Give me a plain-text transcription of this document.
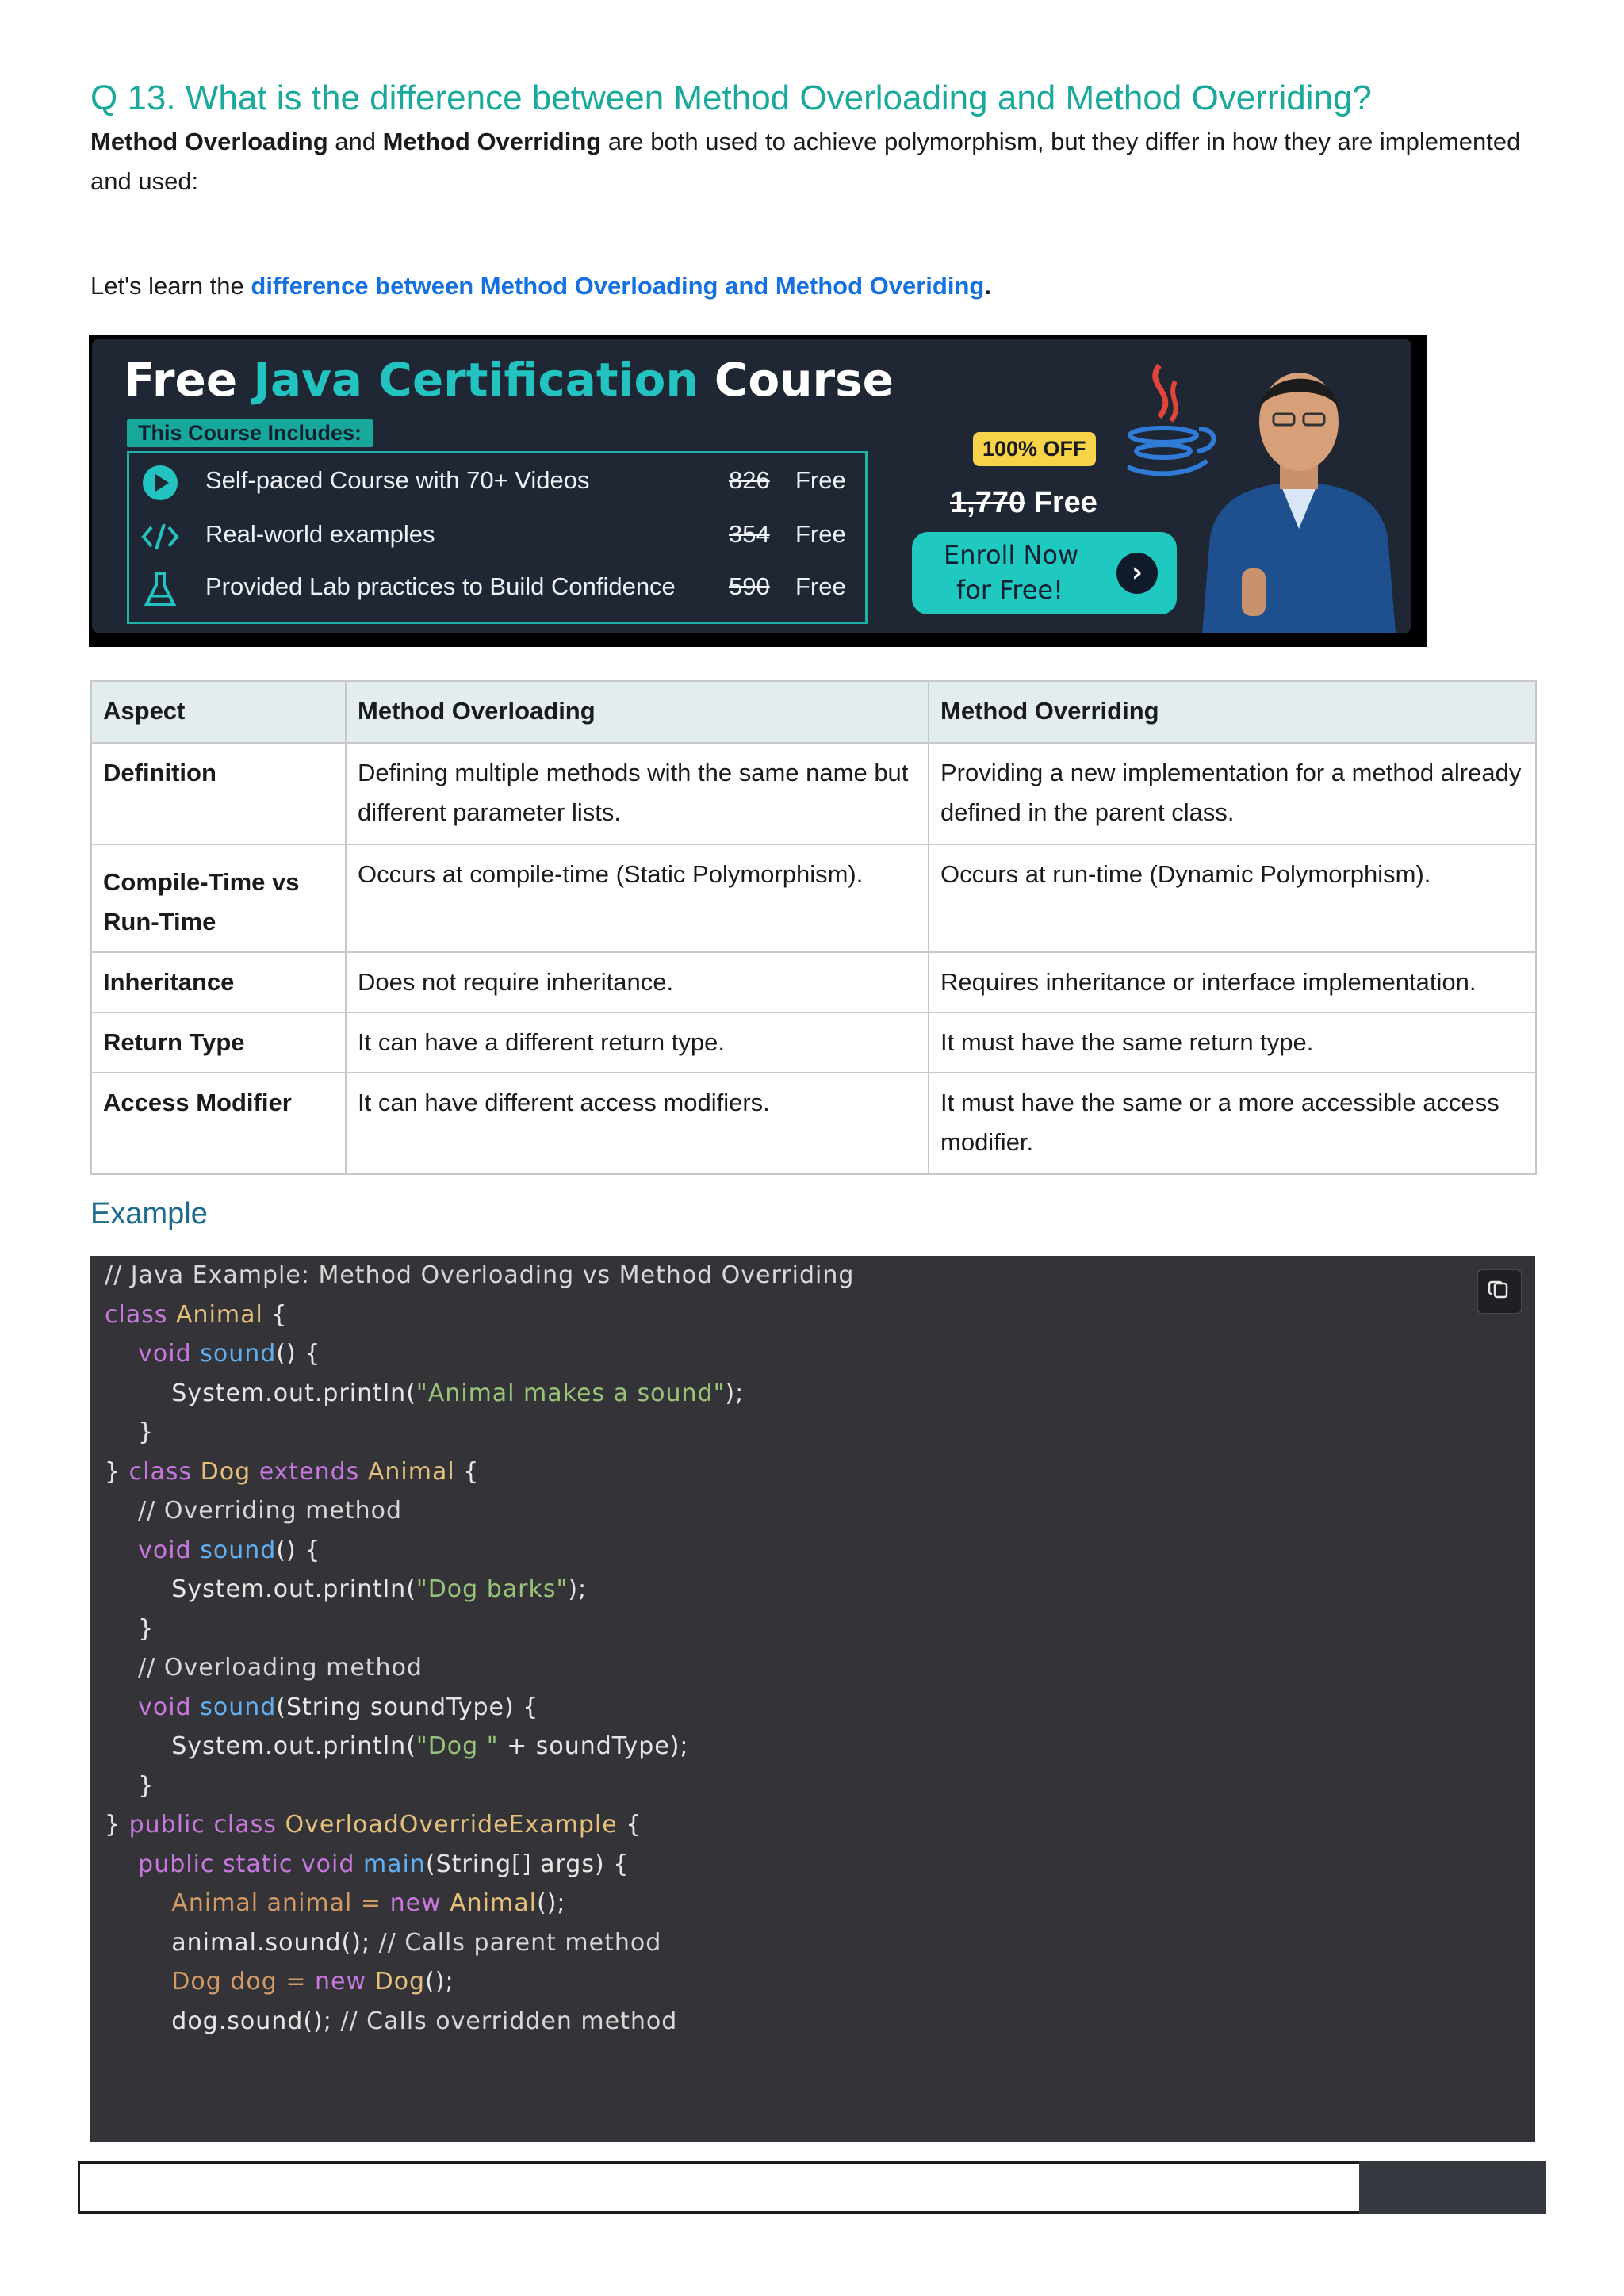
Q 13. What is the difference between Method Overloading and Method Overriding?

Method Overloading and Method Overriding are both used to achieve polymorphism, but they differ in how they are implemented and used:

Let's learn the difference between Method Overloading and Method Overiding.

Free Java Certification Course
This Course Includes:
Self-paced Course with 70+ Videos	826 Free
Real-world examples	354 Free
Provided Lab practices to Build Confidence 590 Free
100% OFF
1,770 Free
Enroll Now
for Free!
›
Aspect	Method Overloading	Method Overriding
Definition	Defining multiple methods with the same name but different parameter lists.	Providing a new implementation for a method already defined in the parent class.
Compile-Time vs Run-Time	Occurs at compile-time (Static Polymorphism).	Occurs at run-time (Dynamic Polymorphism).
Inheritance	Does not require inheritance.	Requires inheritance or interface implementation.
Return Type	It can have a different return type.	It must have the same return type.
Access Modifier	It can have different access modifiers.	It must have the same or a more accessible access modifier.
Example
// Java Example: Method Overloading vs Method Overriding
class Animal {
void sound() {
System.out.println("Animal makes a sound");
}
} class Dog extends Animal {
// Overriding method
void sound() {
System.out.println("Dog barks");
}
// Overloading method
void sound(String soundType) {
System.out.println("Dog " + soundType);
}
} public class OverloadOverrideExample {
public static void main(String[] args) {
Animal animal = new Animal();
animal.sound(); // Calls parent method
Dog dog = new Dog();
dog.sound(); // Calls overridden method
